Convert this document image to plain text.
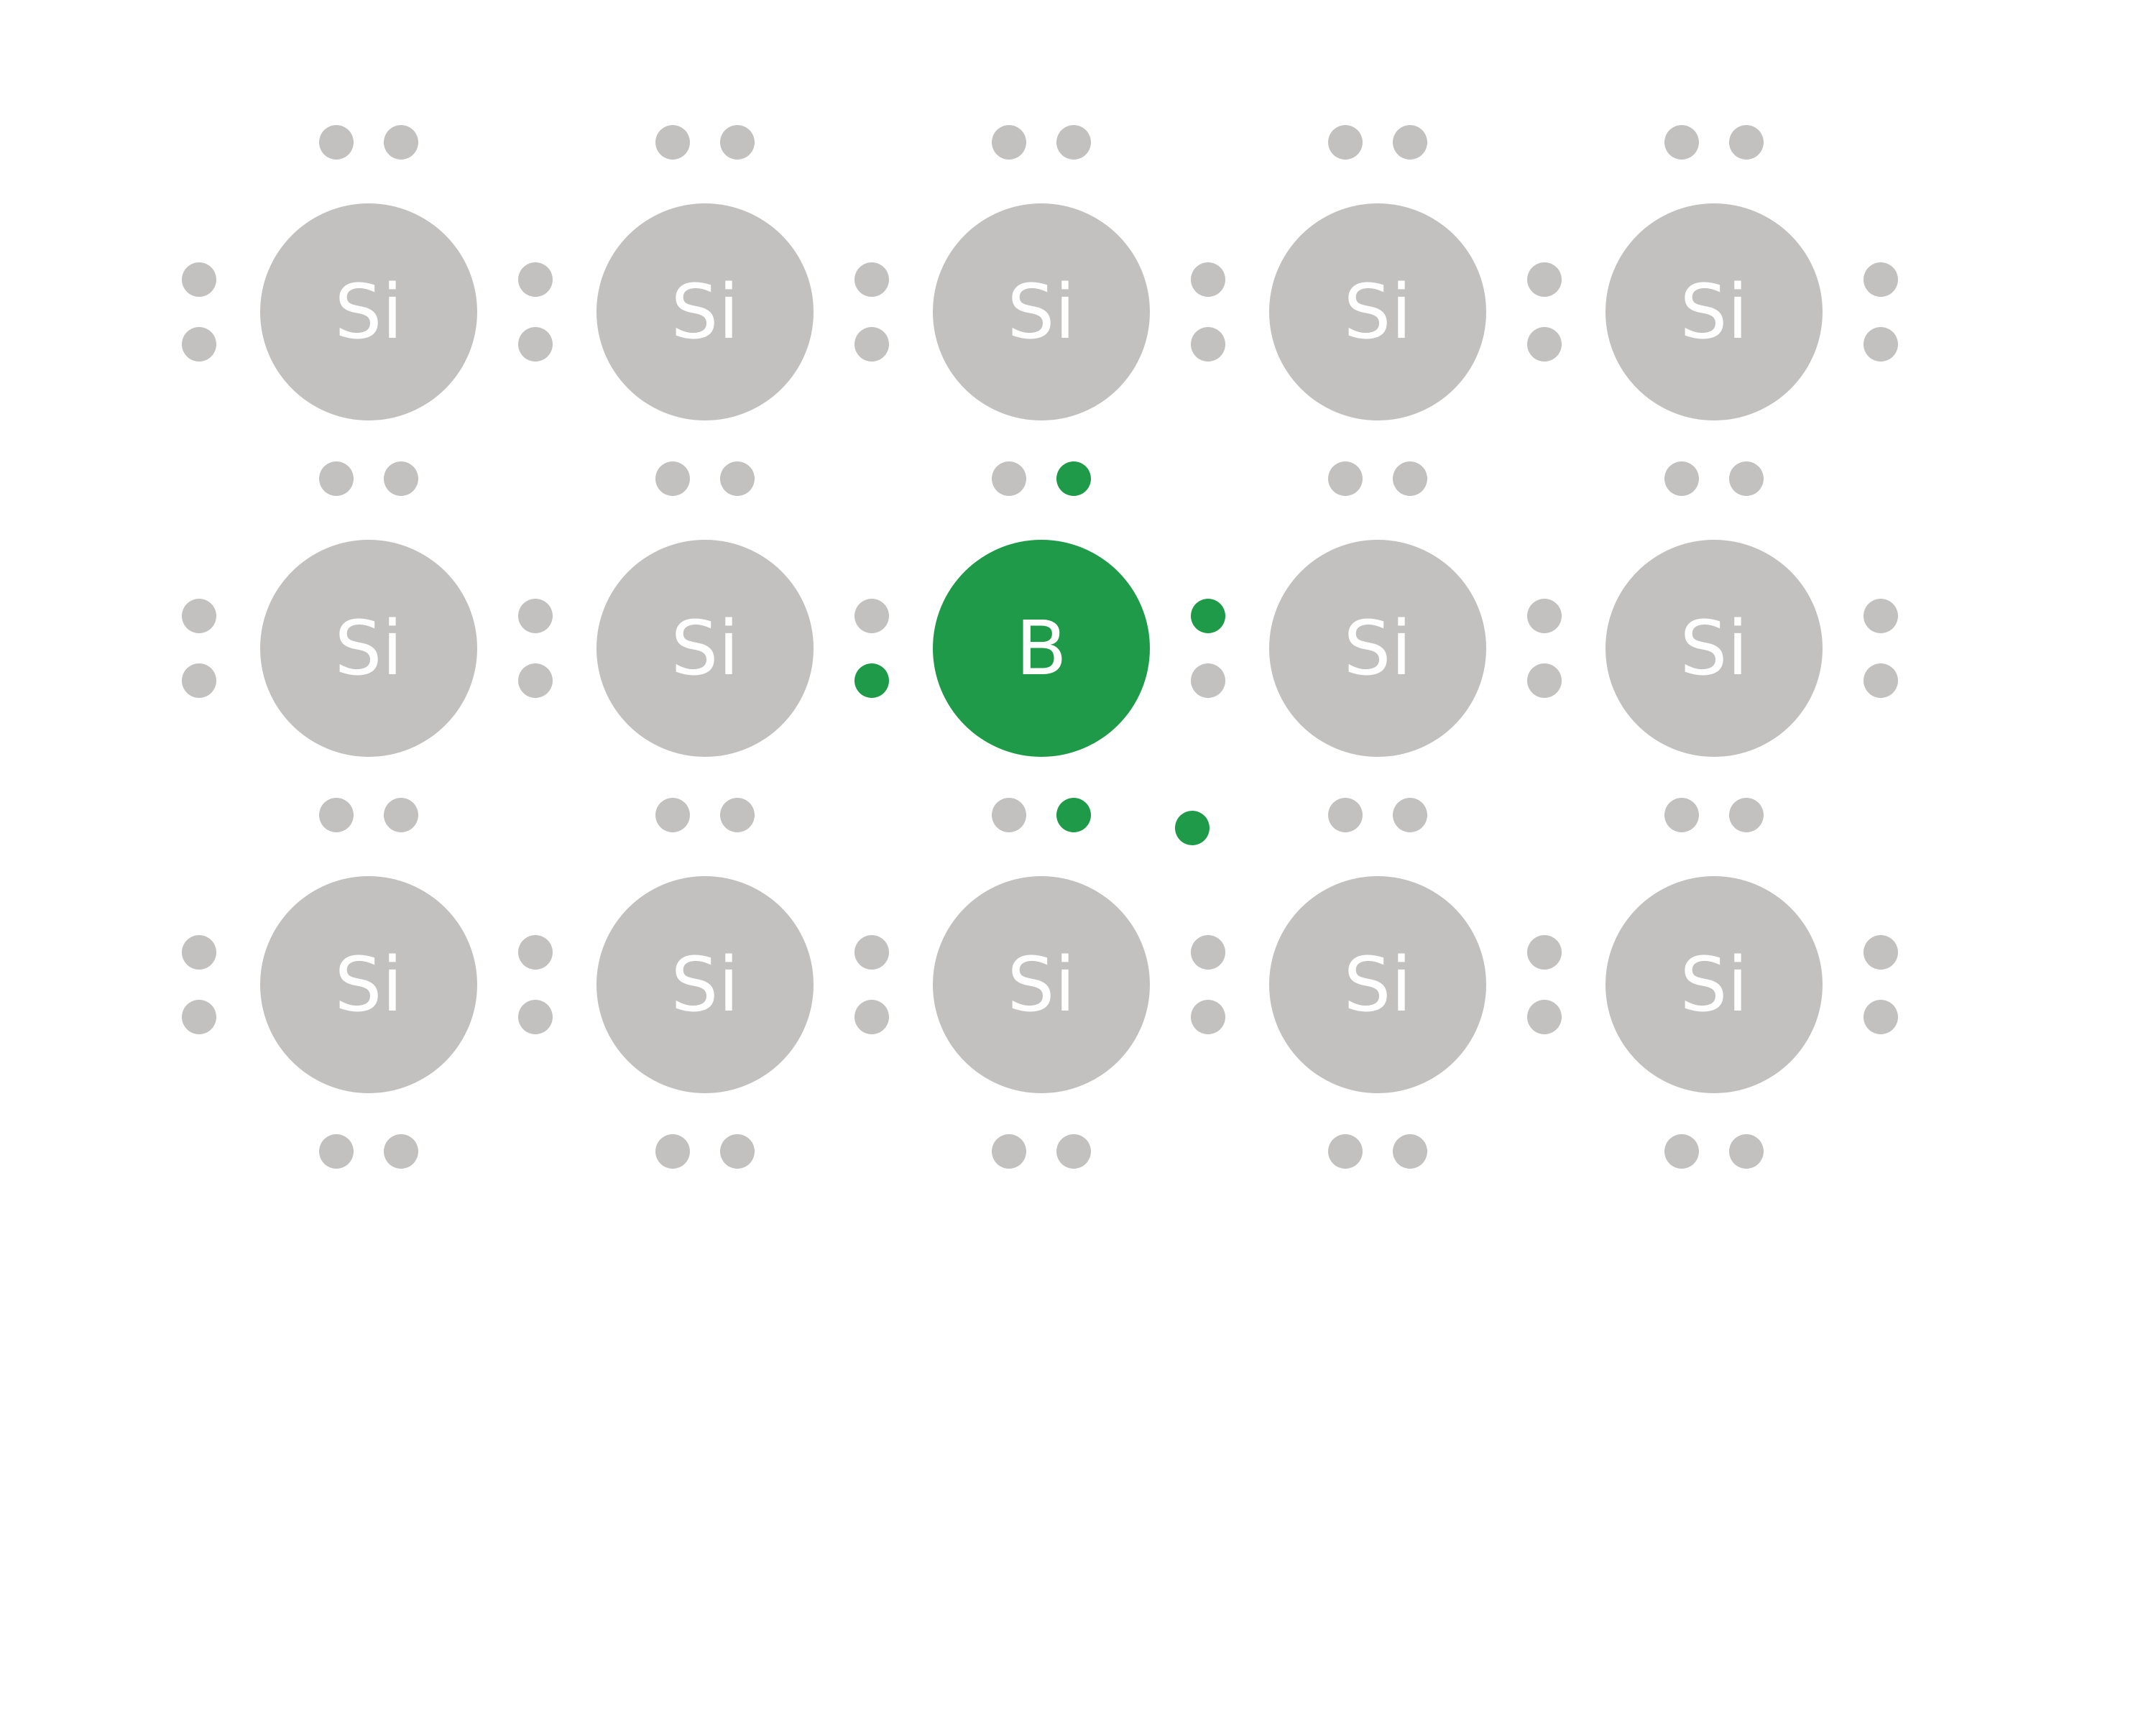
Si	Si	Si	Si	Si
Si	Si	B	Si	Si
Si	Si	Si	Si	Si
